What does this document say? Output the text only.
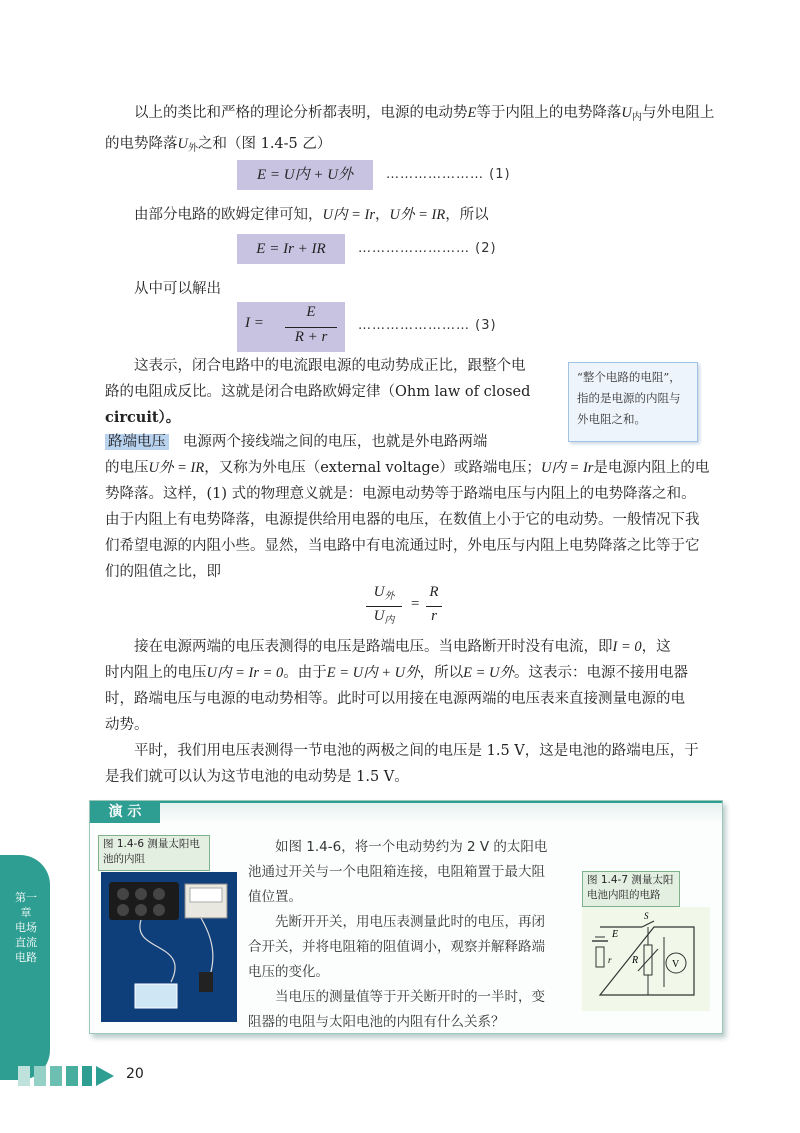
以上的类比和严格的理论分析都表明，电源的电动势E等于内阻上的电势降落$U_内$与外电阻上的电势降落$U_外$之和（图 1.4-5 乙）

E = U内 + U外	………………… (1)

由部分电路的欧姆定律可知，U内 = Ir，U外 = IR，所以

E = Ir + IR	…………………… (2)

从中可以解出

I =
E
R + r
…………………… (3)

这表示，闭合电路中的电流跟电源的电动势成正比，跟整个电
路的电阻成反比。这就是闭合电路欧姆定律（Ohm law of closed
circuit）。

“整个电路的电阻”，指的是电源的内阻与外电阻之和。

路端电压 电源两个接线端之间的电压，也就是外电路两端
的电压U外 = IR，又称为外电压（external voltage）或路端电压；U内 = Ir是电源内阻上的电
势降落。这样，(1) 式的物理意义就是：电源电动势等于路端电压与内阻上的电势降落之和。
由于内阻上有电势降落，电源提供给用电器的电压，在数值上小于它的电动势。一般情况下我
们希望电源的内阻小些。显然，当电路中有电流通过时，外电压与内阻上电势降落之比等于它
们的阻值之比，即

$U_外$
$U_内$
=
R
r

接在电源两端的电压表测得的电压是路端电压。当电路断开时没有电流，即I = 0，这
时内阻上的电压U内 = Ir = 0。由于E = U内 + U外，所以E = U外。这表示：电源不接用电器
时，路端电压与电源的电动势相等。此时可以用接在电源两端的电压表来直接测量电源的电
动势。

平时，我们用电压表测得一节电池的两极之间的电压是 1.5 V，这是电池的路端电压，于
是我们就可以认为这节电池的电动势是 1.5 V。

第一章 电场 直流电路
演 示
图 1.4-6 测量太阳电池的内阻
如图 1.4-6，将一个电动势约为 2 V 的太阳电池通过开关与一个电阻箱连接，电阻箱置于最大阻值位置。
先断开开关，用电压表测量此时的电压，再闭合开关，并将电阻箱的阻值调小，观察并解释路端电压的变化。
当电压的测量值等于开关断开时的一半时，变阻器的电阻与太阳电池的内阻有什么关系？
图 1.4-7 测量太阳电池内阻的电路
S
E
r R	V
20
